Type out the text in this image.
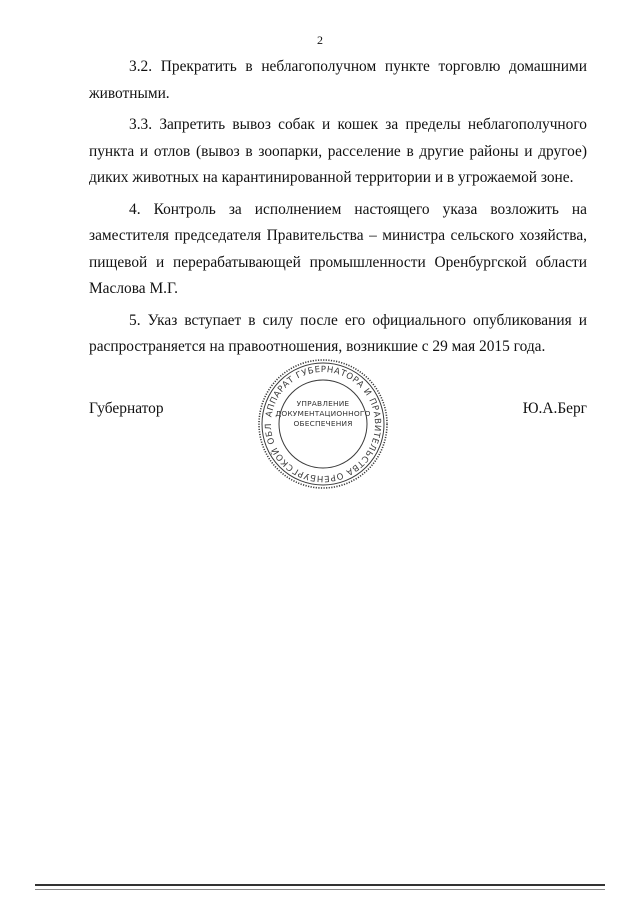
2

3.2. Прекратить в неблагополучном пункте торговлю домашними животными.

3.3. Запретить вывоз собак и кошек за пределы неблагополучного пункта и отлов (вывоз в зоопарки, расселение в другие районы и другое) диких животных на карантинированной территории и в угрожаемой зоне.

4. Контроль за исполнением настоящего указа возложить на заместителя председателя Правительства – министра сельского хозяйства, пищевой и перерабатывающей промышленности Оренбургской области Маслова М.Г.

5. Указ вступает в силу после его официального опубликования и распространяется на правоотношения, возникшие с 29 мая 2015 года.

Губернатор	АППАРАТ ГУБЕРНАТОРА И ПРАВИТЕЛЬСТВА ОРЕНБУРГСКОЙ ОБЛ
УПРАВЛЕНИЕ
ДОКУМЕНТАЦИОННОГО
ОБЕСПЕЧЕНИЯ
Ю.А.Берг
